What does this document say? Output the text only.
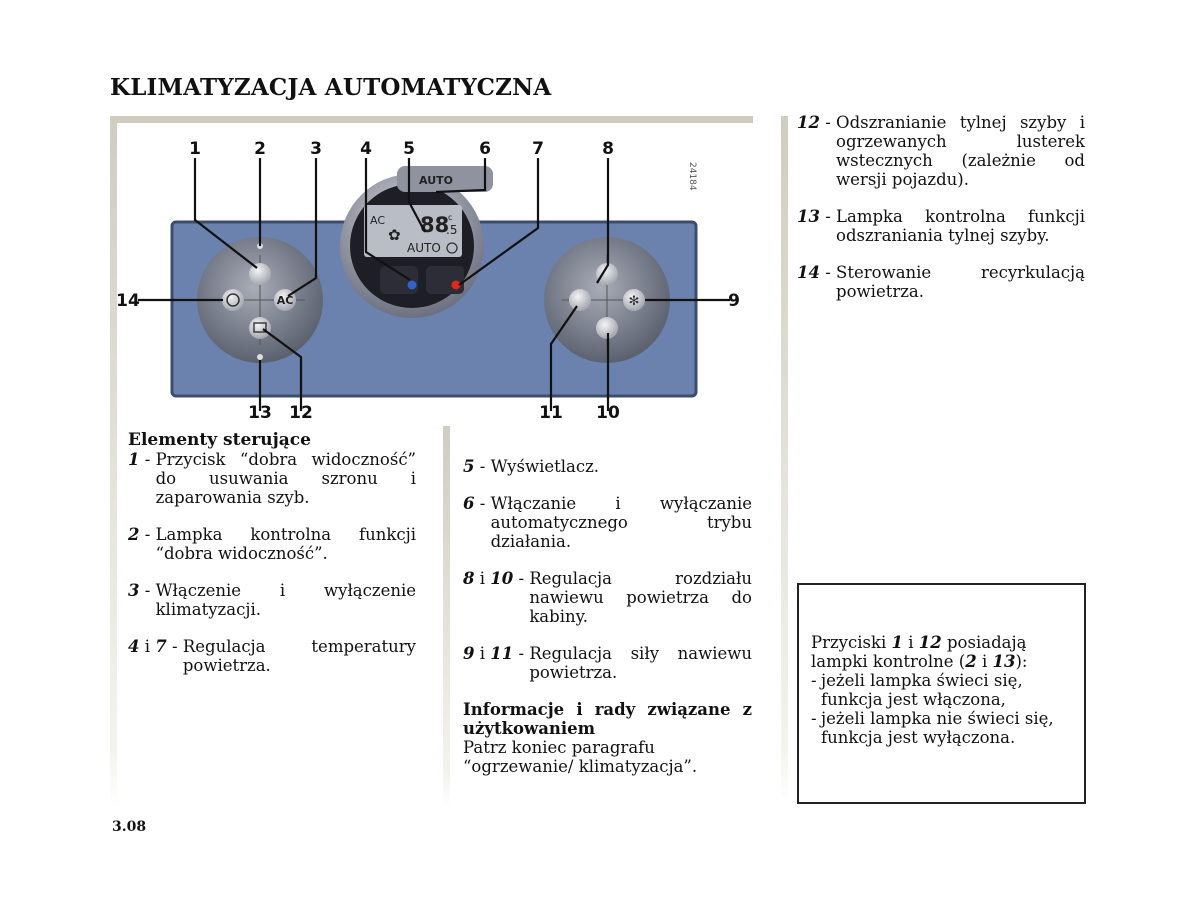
KLIMATYZACJA AUTOMATYCZNA
AC	✻
AC
✿ 88
.5
c
AUTO
AUTO	24184
1	2	3 4 5	6 7	8
9
10
11
12
13
14

Elementy sterujące

1 - Przycisk “dobra widoczność” do usuwania szronu i zaparowania szyb.
2 - Lampka kontrolna funkcji “dobra widoczność”.
3 - Włączenie i wyłączenie klimatyzacji.
4 i 7 - Regulacja temperatury powietrza.
5 - Wyświetlacz.
6 - Włączanie i wyłączanie automatycznego trybu działania.
8 i 10 - Regulacja rozdziału nawiewu powietrza do kabiny.
9 i 11 - Regulacja siły nawiewu powietrza.

Informacje i rady związane z użytkowaniem

Patrz koniec paragrafu “ogrzewanie/ klimatyzacja”.

12 - Odszranianie tylnej szyby i ogrzewanych lusterek wstecznych (zależnie od wersji pojazdu).
13 - Lampka kontrolna funkcji odszraniania tylnej szyby.
14 - Sterowanie recyrkulacją powietrza.

Przyciski 1 i 12 posiadają lampki kontrolne (2 i 13):

- jeżeli lampka świeci się, funkcja jest włączona,
- jeżeli lampka nie świeci się, funkcja jest wyłączona.
3.08
